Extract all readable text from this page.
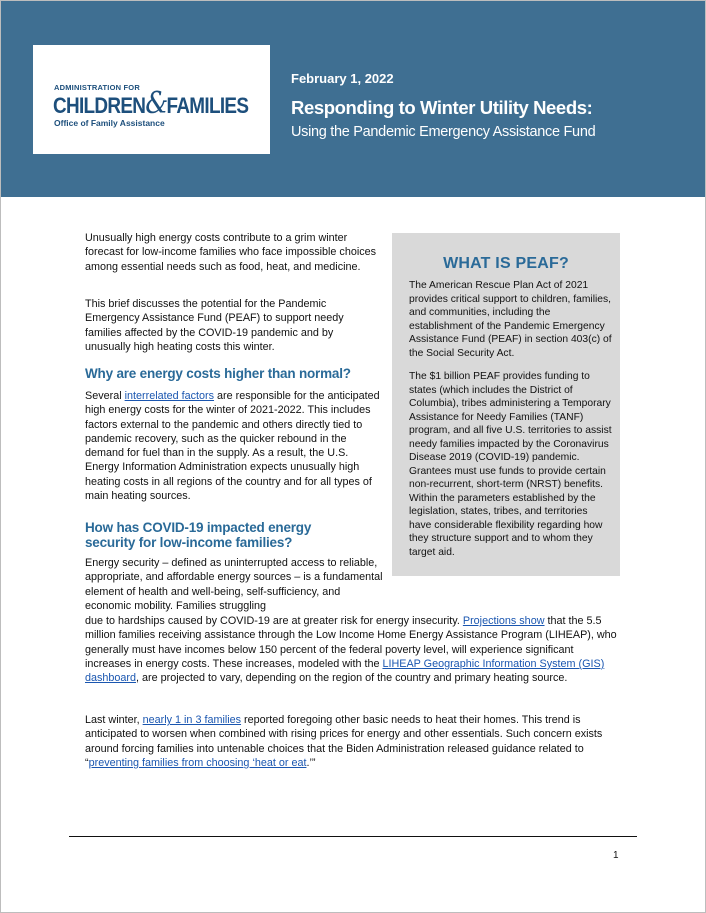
ADMINISTRATION FOR
CHILDREN&FAMILIES
Office of Family Assistance
February 1, 2022
Responding to Winter Utility Needs:
Using the Pandemic Emergency Assistance Fund

Unusually high energy costs contribute to a grim winter forecast for low-income families who face impossible choices among essential needs such as food, heat, and medicine.

This brief discusses the potential for the Pandemic Emergency Assistance Fund (PEAF) to support needy families affected by the COVID-19 pandemic and by unusually high heating costs this winter.

Why are energy costs higher than normal?

Several interrelated factors are responsible for the anticipated high energy costs for the winter of 2021-2022. This includes factors external to the pandemic and others directly tied to pandemic recovery, such as the quicker rebound in the demand for fuel than in the supply. As a result, the U.S. Energy Information Administration expects unusually high heating costs in all regions of the country and for all types of main heating sources.

How has COVID-19 impacted energy security for low-income families?

Energy security – defined as uninterrupted access to reliable, appropriate, and affordable energy sources – is a fundamental element of health and well-being, self-sufficiency, and economic mobility. Families struggling

due to hardships caused by COVID-19 are at greater risk for energy insecurity. Projections show that the 5.5 million families receiving assistance through the Low Income Home Energy Assistance Program (LIHEAP), who generally must have incomes below 150 percent of the federal poverty level, will experience significant increases in energy costs. These increases, modeled with the LIHEAP Geographic Information System (GIS) dashboard, are projected to vary, depending on the region of the country and primary heating source.

Last winter, nearly 1 in 3 families reported foregoing other basic needs to heat their homes. This trend is anticipated to worsen when combined with rising prices for energy and other essentials. Such concern exists around forcing families into untenable choices that the Biden Administration released guidance related to “preventing families from choosing ‘heat or eat.’”

WHAT IS PEAF?

The American Rescue Plan Act of 2021 provides critical support to children, families, and communities, including the establishment of the Pandemic Emergency Assistance Fund (PEAF) in section 403(c) of the Social Security Act.

The $1 billion PEAF provides funding to states (which includes the District of Columbia), tribes administering a Temporary Assistance for Needy Families (TANF) program, and all five U.S. territories to assist needy families impacted by the Coronavirus Disease 2019 (COVID-19) pandemic. Grantees must use funds to provide certain non-recurrent, short-term (NRST) benefits. Within the parameters established by the legislation, states, tribes, and territories have considerable flexibility regarding how they structure support and to whom they target aid.

1
